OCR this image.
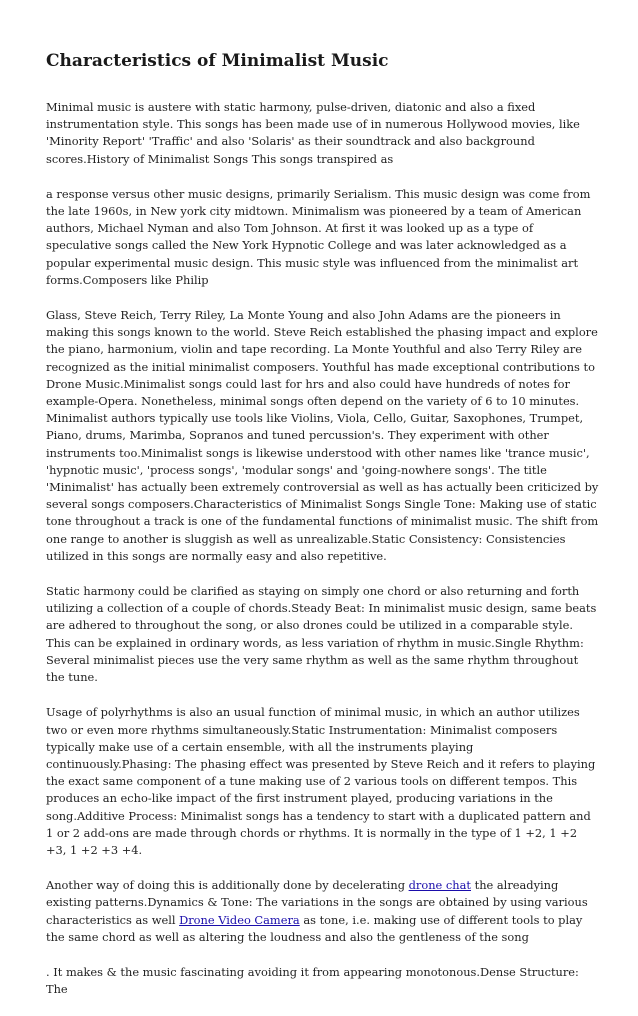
Characteristics of Minimalist Music

Minimal music is austere with static harmony, pulse-driven, diatonic and also a fixed instrumentation style. This songs has been made use of in numerous Hollywood movies, like 'Minority Report' 'Traffic' and also 'Solaris' as their soundtrack and also background scores.History of Minimalist Songs This songs transpired as

a response versus other music designs, primarily Serialism. This music design was come from the late 1960s, in New york city midtown. Minimalism was pioneered by a team of American authors, Michael Nyman and also Tom Johnson. At first it was looked up as a type of speculative songs called the New York Hypnotic College and was later acknowledged as a popular experimental music design. This music style was influenced from the minimalist art forms.Composers like Philip

Glass, Steve Reich, Terry Riley, La Monte Young and also John Adams are the pioneers in making this songs known to the world. Steve Reich established the phasing impact and explore the piano, harmonium, violin and tape recording. La Monte Youthful and also Terry Riley are recognized as the initial minimalist composers. Youthful has made exceptional contributions to Drone Music.Minimalist songs could last for hrs and also could have hundreds of notes for example-Opera. Nonetheless, minimal songs often depend on the variety of 6 to 10 minutes. Minimalist authors typically use tools like Violins, Viola, Cello, Guitar, Saxophones, Trumpet, Piano, drums, Marimba, Sopranos and tuned percussion's. They experiment with other instruments too.Minimalist songs is likewise understood with other names like 'trance music', 'hypnotic music', 'process songs', 'modular songs' and 'going-nowhere songs'. The title 'Minimalist' has actually been extremely controversial as well as has actually been criticized by several songs composers.Characteristics of Minimalist Songs Single Tone: Making use of static tone throughout a track is one of the fundamental functions of minimalist music. The shift from one range to another is sluggish as well as unrealizable.Static Consistency: Consistencies utilized in this songs are normally easy and also repetitive.

Static harmony could be clarified as staying on simply one chord or also returning and forth utilizing a collection of a couple of chords.Steady Beat: In minimalist music design, same beats are adhered to throughout the song, or also drones could be utilized in a comparable style. This can be explained in ordinary words, as less variation of rhythm in music.Single Rhythm: Several minimalist pieces use the very same rhythm as well as the same rhythm throughout the tune.

Usage of polyrhythms is also an usual function of minimal music, in which an author utilizes two or even more rhythms simultaneously.Static Instrumentation: Minimalist composers typically make use of a certain ensemble, with all the instruments playing continuously.Phasing: The phasing effect was presented by Steve Reich and it refers to playing the exact same component of a tune making use of 2 various tools on different tempos. This produces an echo-like impact of the first instrument played, producing variations in the song.Additive Process: Minimalist songs has a tendency to start with a duplicated pattern and 1 or 2 add-ons are made through chords or rhythms. It is normally in the type of 1 +2, 1 +2 +3, 1 +2 +3 +4.

Another way of doing this is additionally done by decelerating drone chat the alreadying existing patterns.Dynamics & Tone: The variations in the songs are obtained by using various characteristics as well Drone Video Camera as tone, i.e. making use of different tools to play the same chord as well as altering the loudness and also the gentleness of the song

. It makes & the music fascinating avoiding it from appearing monotonous.Dense Structure: The
